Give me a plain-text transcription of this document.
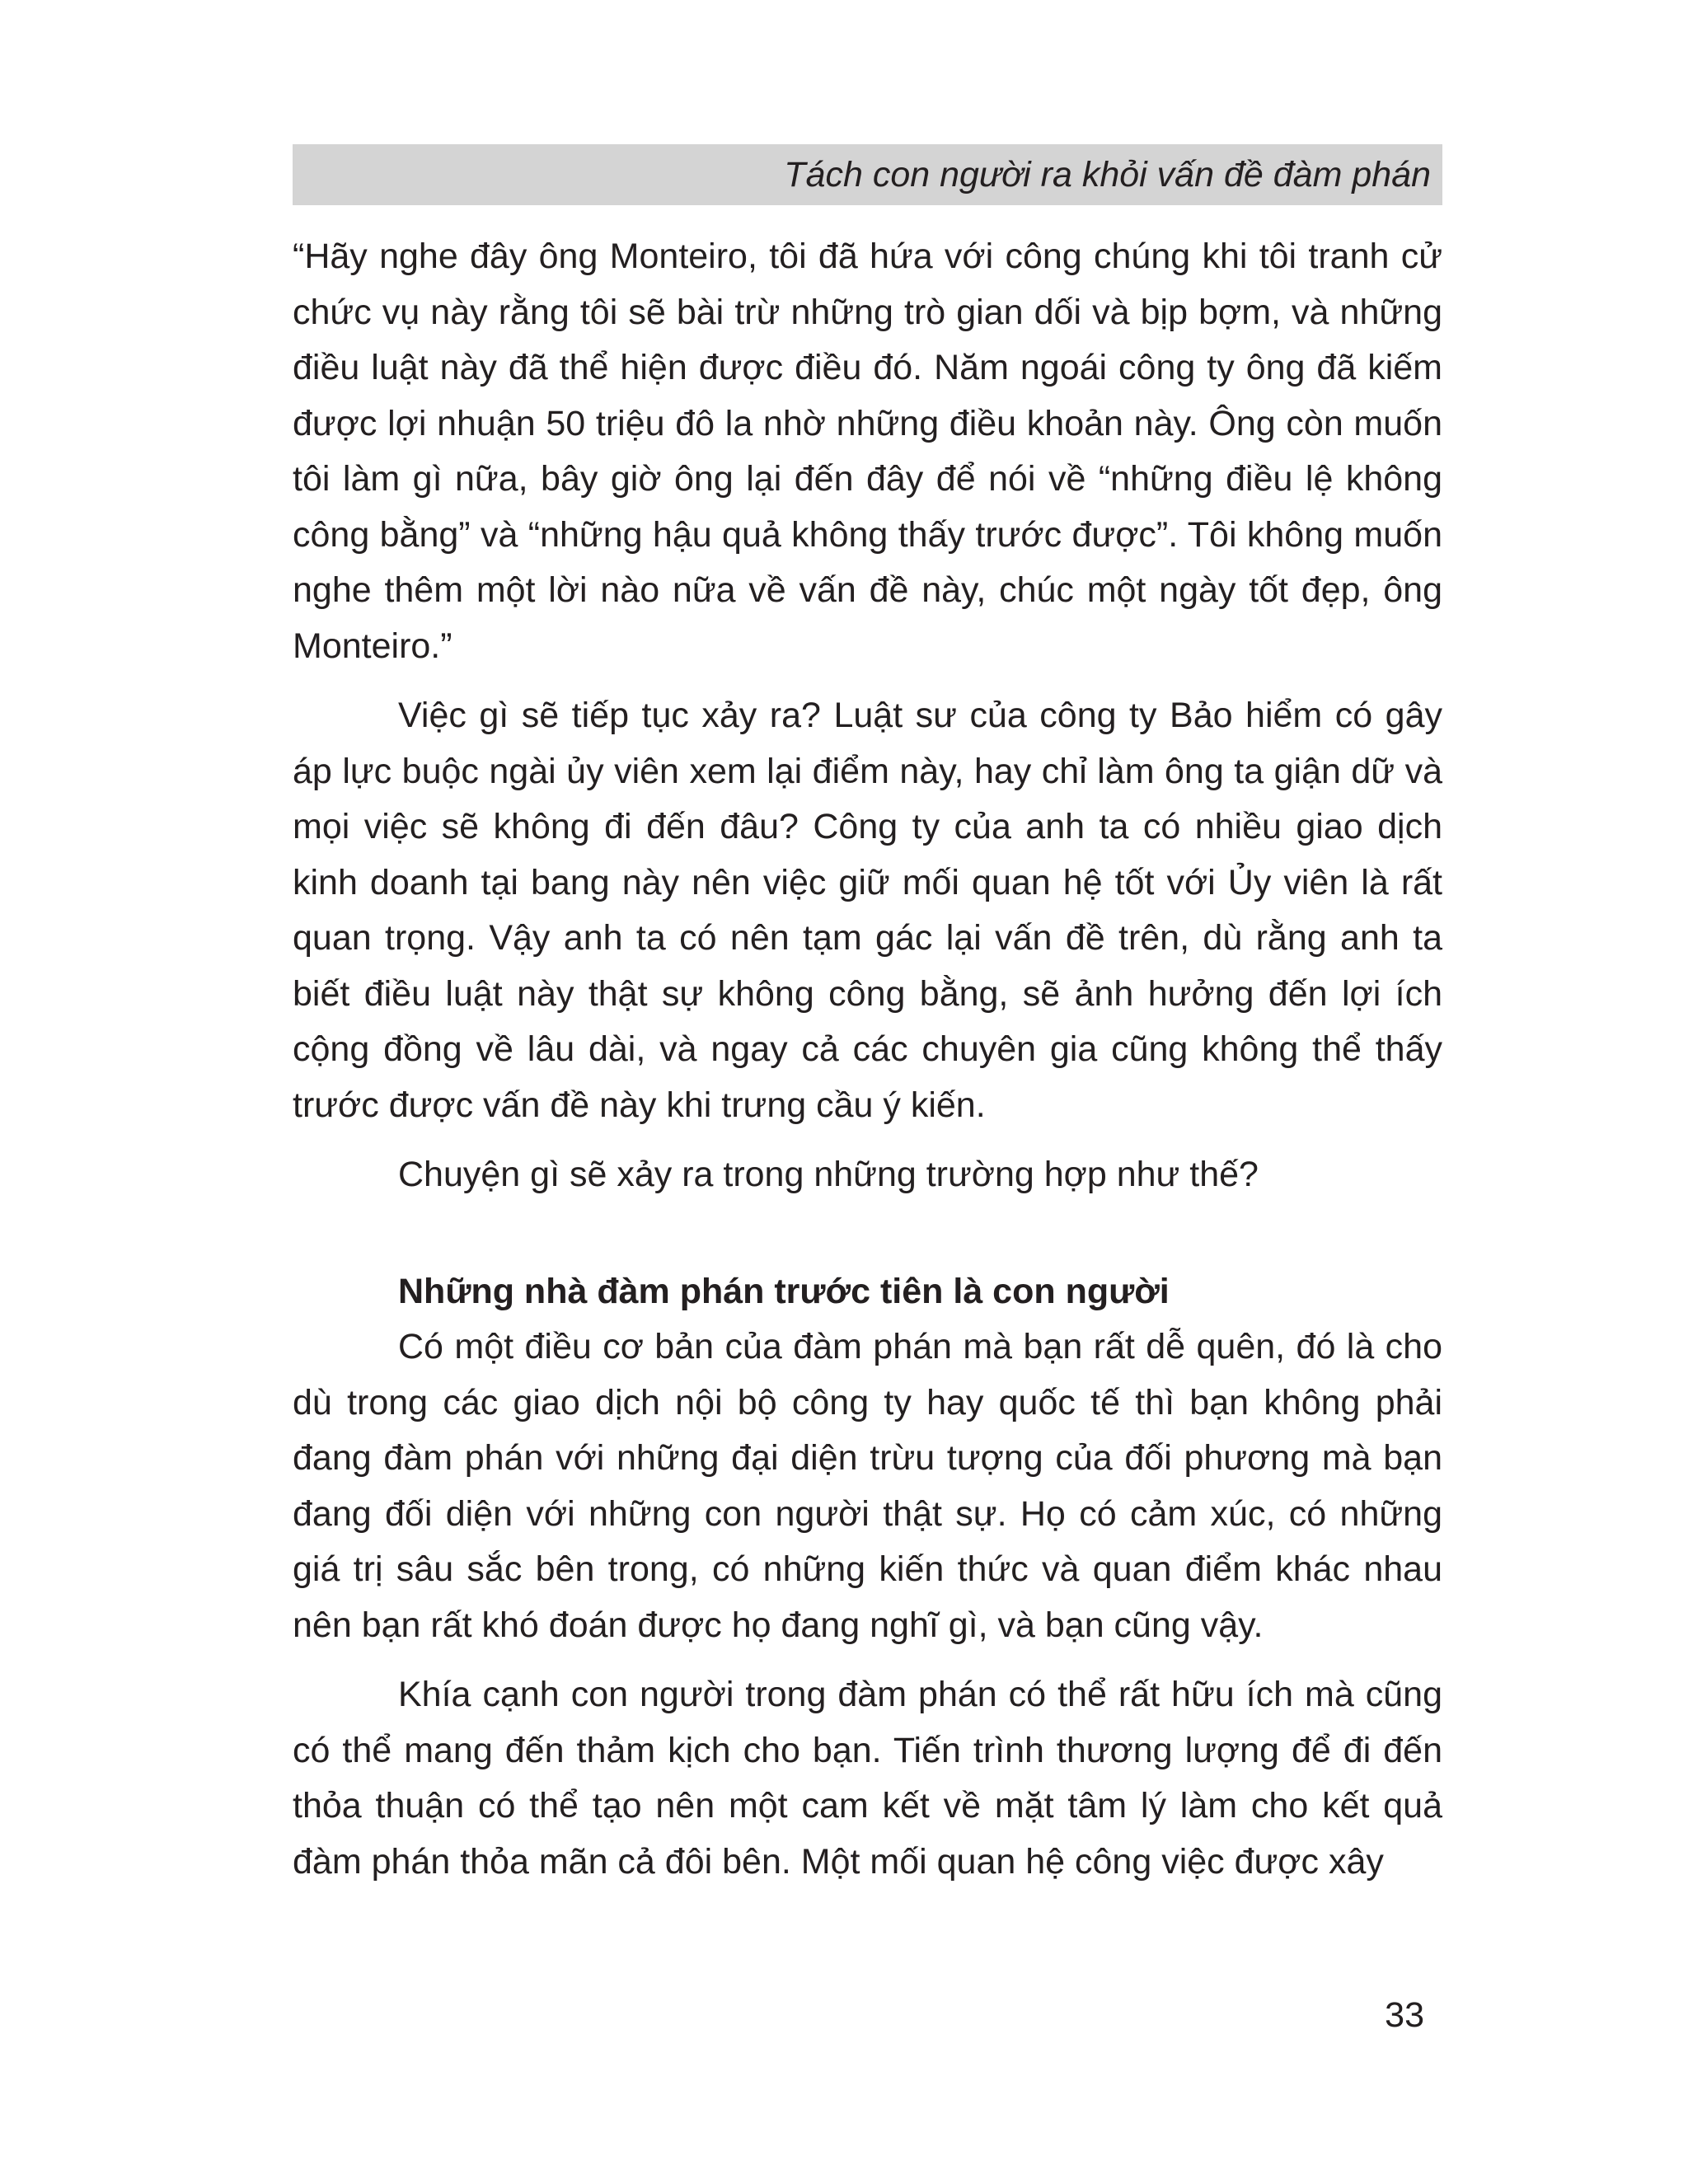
Tách con người ra khỏi vấn đề đàm phán

“Hãy nghe đây ông Monteiro, tôi đã hứa với công chúng khi tôi tranh cử chức vụ này rằng tôi sẽ bài trừ những trò gian dối và bịp bợm, và những điều luật này đã thể hiện được điều đó. Năm ngoái công ty ông đã kiếm được lợi nhuận 50 triệu đô la nhờ những điều khoản này. Ông còn muốn tôi làm gì nữa, bây giờ ông lại đến đây để nói về “những điều lệ không công bằng” và “những hậu quả không thấy trước được”. Tôi không muốn nghe thêm một lời nào nữa về vấn đề này, chúc một ngày tốt đẹp, ông Monteiro.”

Việc gì sẽ tiếp tục xảy ra? Luật sư của công ty Bảo hiểm có gây áp lực buộc ngài ủy viên xem lại điểm này, hay chỉ làm ông ta giận dữ và mọi việc sẽ không đi đến đâu? Công ty của anh ta có nhiều giao dịch kinh doanh tại bang này nên việc giữ mối quan hệ tốt với Ủy viên là rất quan trọng. Vậy anh ta có nên tạm gác lại vấn đề trên, dù rằng anh ta biết điều luật này thật sự không công bằng, sẽ ảnh hưởng đến lợi ích cộng đồng về lâu dài, và ngay cả các chuyên gia cũng không thể thấy trước được vấn đề này khi trưng cầu ý kiến.

Chuyện gì sẽ xảy ra trong những trường hợp như thế?

Những nhà đàm phán trước tiên là con người

Có một điều cơ bản của đàm phán mà bạn rất dễ quên, đó là cho dù trong các giao dịch nội bộ công ty hay quốc tế thì bạn không phải đang đàm phán với những đại diện trừu tượng của đối phương mà bạn đang đối diện với những con người thật sự. Họ có cảm xúc, có những giá trị sâu sắc bên trong, có những kiến thức và quan điểm khác nhau nên bạn rất khó đoán được họ đang nghĩ gì, và bạn cũng vậy.

Khía cạnh con người trong đàm phán có thể rất hữu ích mà cũng có thể mang đến thảm kịch cho bạn. Tiến trình thương lượng để đi đến thỏa thuận có thể tạo nên một cam kết về mặt tâm lý làm cho kết quả đàm phán thỏa mãn cả đôi bên. Một mối quan hệ công việc được xây

33
